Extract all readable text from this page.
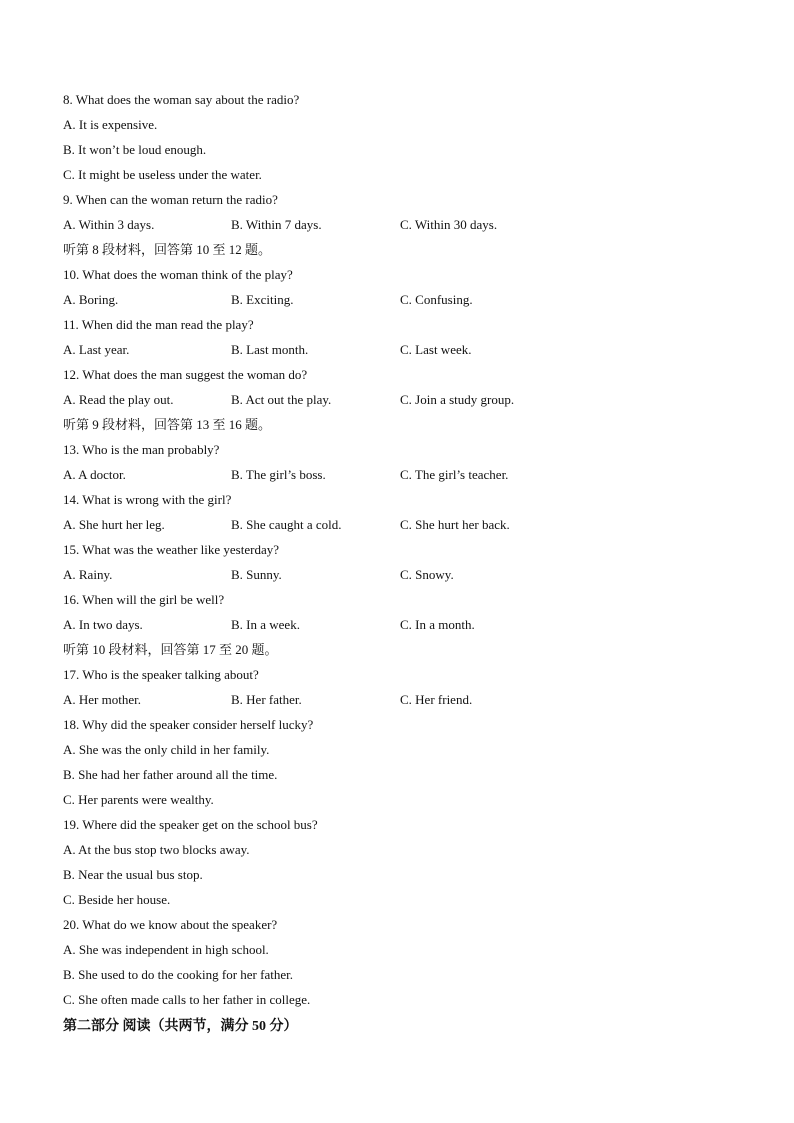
8. What does the woman say about the radio?
A. It is expensive.
B. It won’t be loud enough.
C. It might be useless under the water.
9. When can the woman return the radio?
A. Within 3 days.	B. Within 7 days.	C. Within 30 days.
听第 8 段材料，回答第 10 至 12 题。
10. What does the woman think of the play?
A. Boring.	B. Exciting.	C. Confusing.
11. When did the man read the play?
A. Last year.	B. Last month.	C. Last week.
12. What does the man suggest the woman do?
A. Read the play out.	B. Act out the play.	C. Join a study group.
听第 9 段材料，回答第 13 至 16 题。
13. Who is the man probably?
A. A doctor.	B. The girl’s boss.	C. The girl’s teacher.
14. What is wrong with the girl?
A. She hurt her leg.	B. She caught a cold.	C. She hurt her back.
15. What was the weather like yesterday?
A. Rainy.	B. Sunny.	C. Snowy.
16. When will the girl be well?
A. In two days.	B. In a week.	C. In a month.
听第 10 段材料，回答第 17 至 20 题。
17. Who is the speaker talking about?
A. Her mother.	B. Her father.	C. Her friend.
18. Why did the speaker consider herself lucky?
A. She was the only child in her family.
B. She had her father around all the time.
C. Her parents were wealthy.
19. Where did the speaker get on the school bus?
A. At the bus stop two blocks away.
B. Near the usual bus stop.
C. Beside her house.
20. What do we know about the speaker?
A. She was independent in high school.
B. She used to do the cooking for her father.
C. She often made calls to her father in college.
第二部分 阅读（共两节，满分 50 分）
